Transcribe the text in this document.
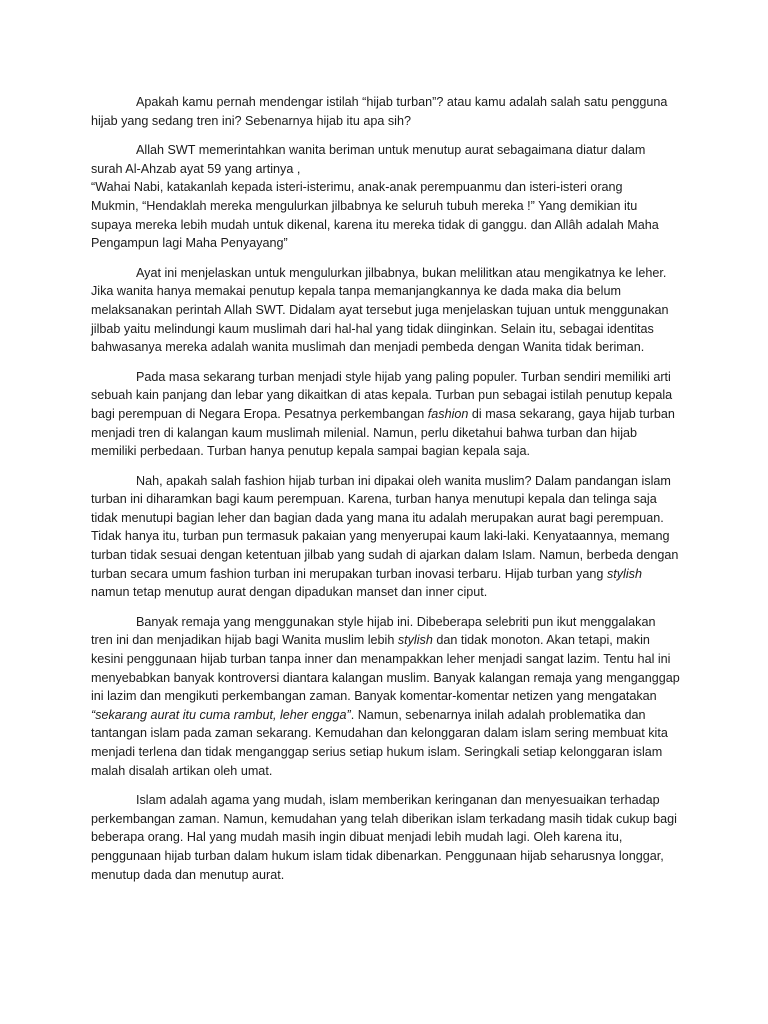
Apakah kamu pernah mendengar istilah “hijab turban”? atau kamu adalah salah satu pengguna
hijab yang sedang tren ini? Sebenarnya hijab itu apa sih?

Allah SWT memerintahkan wanita beriman untuk menutup aurat sebagaimana diatur dalam
surah Al-Ahzab ayat 59 yang artinya ,
“Wahai Nabi, katakanlah kepada isteri-isterimu, anak-anak perempuanmu dan isteri-isteri orang
Mukmin, “Hendaklah mereka mengulurkan jilbabnya ke seluruh tubuh mereka !” Yang demikian itu
supaya mereka lebih mudah untuk dikenal, karena itu mereka tidak di ganggu. dan Allâh adalah Maha
Pengampun lagi Maha Penyayang”

Ayat ini menjelaskan untuk mengulurkan jilbabnya, bukan melilitkan atau mengikatnya ke leher.
Jika wanita hanya memakai penutup kepala tanpa memanjangkannya ke dada maka dia belum
melaksanakan perintah Allah SWT. Didalam ayat tersebut juga menjelaskan tujuan untuk menggunakan
jilbab yaitu melindungi kaum muslimah dari hal-hal yang tidak diinginkan. Selain itu, sebagai identitas
bahwasanya mereka adalah wanita muslimah dan menjadi pembeda dengan Wanita tidak beriman.

Pada masa sekarang turban menjadi style hijab yang paling populer. Turban sendiri memiliki arti
sebuah kain panjang dan lebar yang dikaitkan di atas kepala. Turban pun sebagai istilah penutup kepala
bagi perempuan di Negara Eropa. Pesatnya perkembangan fashion di masa sekarang, gaya hijab turban
menjadi tren di kalangan kaum muslimah milenial. Namun, perlu diketahui bahwa turban dan hijab
memiliki perbedaan. Turban hanya penutup kepala sampai bagian kepala saja.

Nah, apakah salah fashion hijab turban ini dipakai oleh wanita muslim? Dalam pandangan islam
turban ini diharamkan bagi kaum perempuan. Karena, turban hanya menutupi kepala dan telinga saja
tidak menutupi bagian leher dan bagian dada yang mana itu adalah merupakan aurat bagi perempuan.
Tidak hanya itu, turban pun termasuk pakaian yang menyerupai kaum laki-laki. Kenyataannya, memang
turban tidak sesuai dengan ketentuan jilbab yang sudah di ajarkan dalam Islam. Namun, berbeda dengan
turban secara umum fashion turban ini merupakan turban inovasi terbaru. Hijab turban yang stylish
namun tetap menutup aurat dengan dipadukan manset dan inner ciput.

Banyak remaja yang menggunakan style hijab ini. Dibeberapa selebriti pun ikut menggalakan
tren ini dan menjadikan hijab bagi Wanita muslim lebih stylish dan tidak monoton. Akan tetapi, makin
kesini penggunaan hijab turban tanpa inner dan menampakkan leher menjadi sangat lazim. Tentu hal ini
menyebabkan banyak kontroversi diantara kalangan muslim. Banyak kalangan remaja yang menganggap
ini lazim dan mengikuti perkembangan zaman. Banyak komentar-komentar netizen yang mengatakan
“sekarang aurat itu cuma rambut, leher engga”. Namun, sebenarnya inilah adalah problematika dan
tantangan islam pada zaman sekarang. Kemudahan dan kelonggaran dalam islam sering membuat kita
menjadi terlena dan tidak menganggap serius setiap hukum islam. Seringkali setiap kelonggaran islam
malah disalah artikan oleh umat.

Islam adalah agama yang mudah, islam memberikan keringanan dan menyesuaikan terhadap
perkembangan zaman. Namun, kemudahan yang telah diberikan islam terkadang masih tidak cukup bagi
beberapa orang. Hal yang mudah masih ingin dibuat menjadi lebih mudah lagi. Oleh karena itu,
penggunaan hijab turban dalam hukum islam tidak dibenarkan. Penggunaan hijab seharusnya longgar,
menutup dada dan menutup aurat.
